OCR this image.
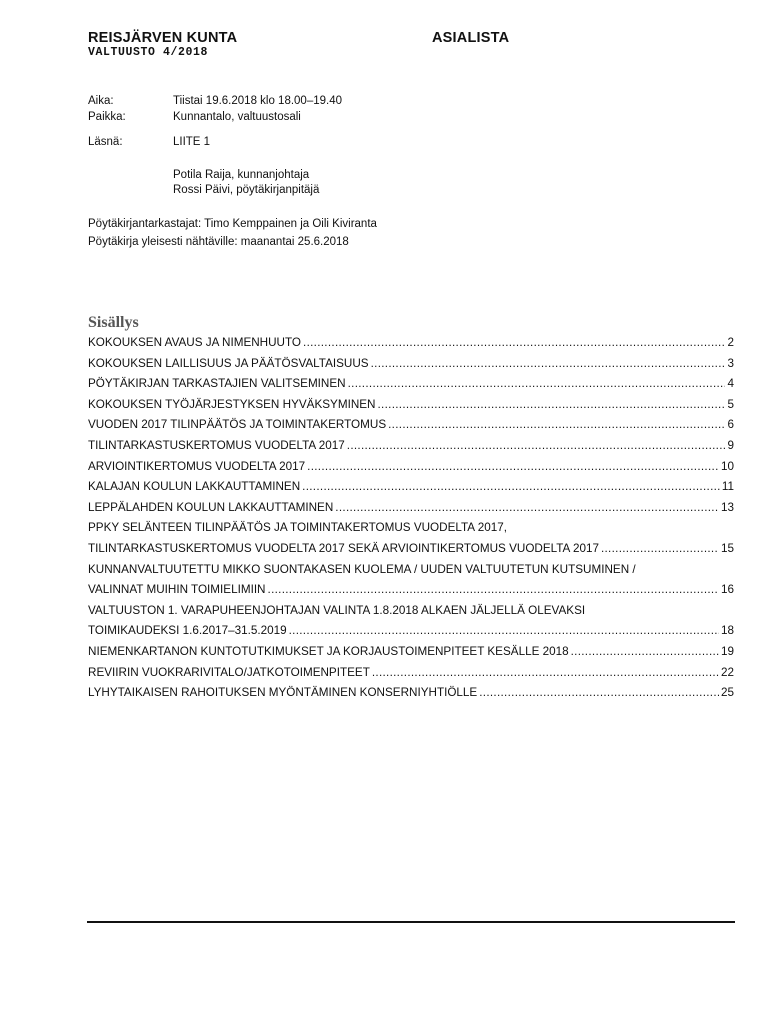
REISJÄRVEN KUNTA
VALTUUSTO 4/2018
ASIALISTA
Aika:	Tiistai 19.6.2018 klo 18.00–19.40
Paikka:	Kunnantalo, valtuustosali
Läsnä:	LIITE 1
Potila Raija, kunnanjohtaja
Rossi Päivi, pöytäkirjanpitäjä
Pöytäkirjantarkastajat: Timo Kemppainen ja Oili Kiviranta
Pöytäkirja yleisesti nähtäville: maanantai 25.6.2018
Sisällys
KOKOUKSEN AVAUS JA NIMENHUUTO .....	2
KOKOUKSEN LAILLISUUS JA PÄÄTÖSVALTAISUUS .....	3
PÖYTÄKIRJAN TARKASTAJIEN VALITSEMINEN .....	4
KOKOUKSEN TYÖJÄRJESTYKSEN HYVÄKSYMINEN .....	5
VUODEN 2017 TILINPÄÄTÖS JA TOIMINTAKERTOMUS .....	6
TILINTARKASTUSKERTOMUS VUODELTA 2017 .....	9
ARVIOINTIKERTOMUS VUODELTA 2017 .....	10
KALAJAN KOULUN LAKKAUTTAMINEN .....	11
LEPPÄLAHDEN KOULUN LAKKAUTTAMINEN .....	13
PPKY SELÄNTEEN TILINPÄÄTÖS JA TOIMINTAKERTOMUS VUODELTA 2017,
TILINTARKASTUSKERTOMUS VUODELTA 2017 SEKÄ ARVIOINTIKERTOMUS VUODELTA 2017 .....	15
KUNNANVALTUUTETTU MIKKO SUONTAKASEN KUOLEMA / UUDEN VALTUUTETUN KUTSUMINEN /
VALINNAT MUIHIN TOIMIELIMIIN .....	16
VALTUUSTON 1. VARAPUHEENJOHTAJAN VALINTA 1.8.2018 ALKAEN JÄLJELLÄ OLEVAKSI
TOIMIKAUDEKSI 1.6.2017–31.5.2019 .....	18
NIEMENKARTANON KUNTOTUTKIMUKSET JA KORJAUSTOIMENPITEET KESÄLLE 2018 .....	19
REVIIRIN VUOKRARIVITALO/JATKOTOIMENPITEET .....	22
LYHYTAIKAISEN RAHOITUKSEN MYÖNTÄMINEN KONSERNIYHTIÖLLE .....	25
